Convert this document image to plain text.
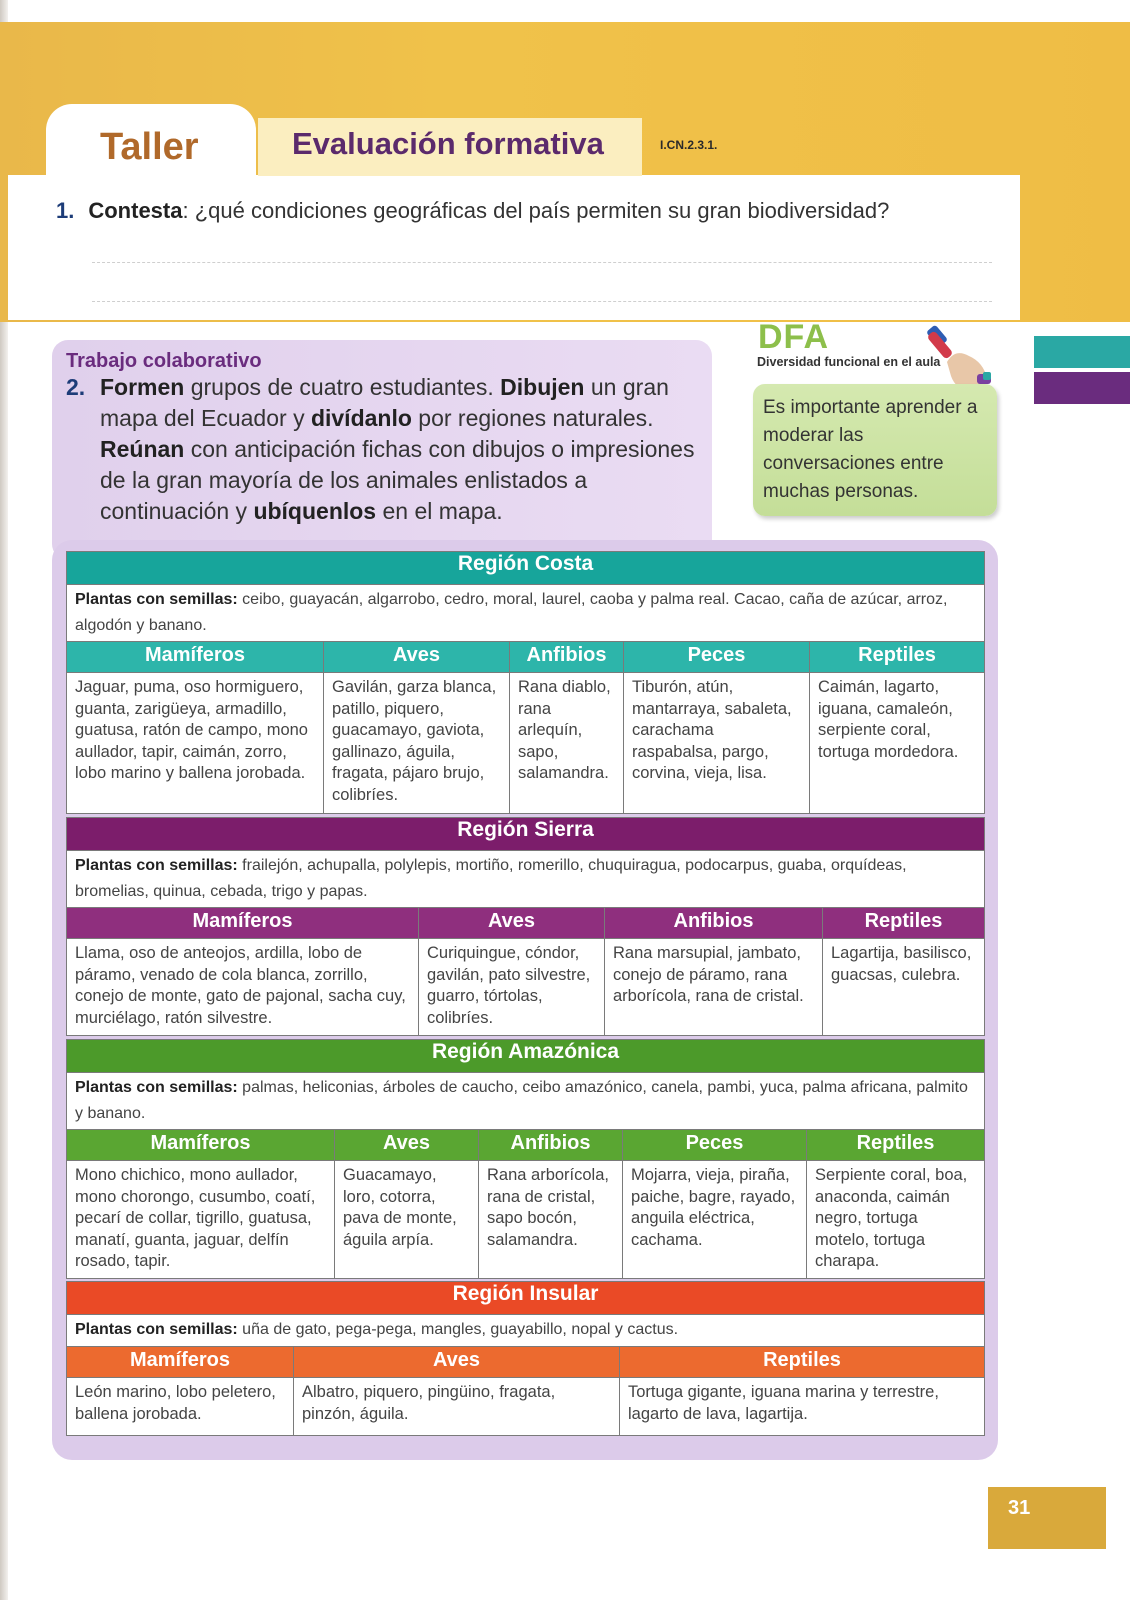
Taller	Evaluación formativa	I.CN.2.3.1.
1. Contesta: ¿qué condiciones geográficas del país permiten su gran biodiversidad?
Trabajo colaborativo
2. Formen grupos de cuatro estudiantes. Dibujen un gran mapa del Ecuador y divídanlo por regiones naturales. Reúnan con anticipación fichas con dibujos o impresiones de la gran mayoría de los animales enlistados a continuación y ubíquenlos en el mapa.
DFA
Diversidad funcional en el aula
Es importante aprender a moderar las conversaciones entre muchas personas.
Región Costa				
Plantas con semillas: ceibo, guayacán, algarrobo, cedro, moral, laurel, caoba y palma real. Cacao, caña de azúcar, arroz, algodón y banano.				
Mamíferos	Aves	Anfibios	Peces	Reptiles
Jaguar, puma, oso hormiguero, guanta, zarigüeya, armadillo, guatusa, ratón de campo, mono aullador, tapir, caimán, zorro, lobo marino y ballena jorobada.	Gavilán, garza blanca, patillo, piquero, guacamayo, gaviota, gallinazo, águila, fragata, pájaro brujo, colibríes.	Rana diablo, rana arlequín, sapo, salamandra.	Tiburón, atún, mantarraya, sabaleta, carachama raspabalsa, pargo, corvina, vieja, lisa.	Caimán, lagarto, iguana, camaleón, serpiente coral, tortuga mordedora.
Región Sierra			
Plantas con semillas: frailejón, achupalla, polylepis, mortiño, romerillo, chuquiragua, podocarpus, guaba, orquídeas, bromelias, quinua, cebada, trigo y papas.			
Mamíferos	Aves	Anfibios	Reptiles
Llama, oso de anteojos, ardilla, lobo de páramo, venado de cola blanca, zorrillo, conejo de monte, gato de pajonal, sacha cuy, murciélago, ratón silvestre.	Curiquingue, cóndor, gavilán, pato silvestre, guarro, tórtolas, colibríes.	Rana marsupial, jambato, conejo de páramo, rana arborícola, rana de cristal.	Lagartija, basilisco, guacsas, culebra.
Región Amazónica				
Plantas con semillas: palmas, heliconias, árboles de caucho, ceibo amazónico, canela, pambi, yuca, palma africana, palmito y banano.				
Mamíferos	Aves	Anfibios	Peces	Reptiles
Mono chichico, mono aullador, mono chorongo, cusumbo, coatí, pecarí de collar, tigrillo, guatusa, manatí, guanta, jaguar, delfín rosado, tapir.	Guacamayo, loro, cotorra, pava de monte, águila arpía.	Rana arborícola, rana de cristal, sapo bocón, salamandra.	Mojarra, vieja, piraña, paiche, bagre, rayado, anguila eléctrica, cachama.	Serpiente coral, boa, anaconda, caimán negro, tortuga motelo, tortuga charapa.
Región Insular		
Plantas con semillas: uña de gato, pega-pega, mangles, guayabillo, nopal y cactus.		
Mamíferos	Aves	Reptiles
León marino, lobo peletero, ballena jorobada.	Albatro, piquero, pingüino, fragata, pinzón, águila.	Tortuga gigante, iguana marina y terrestre, lagarto de lava, lagartija.
31
